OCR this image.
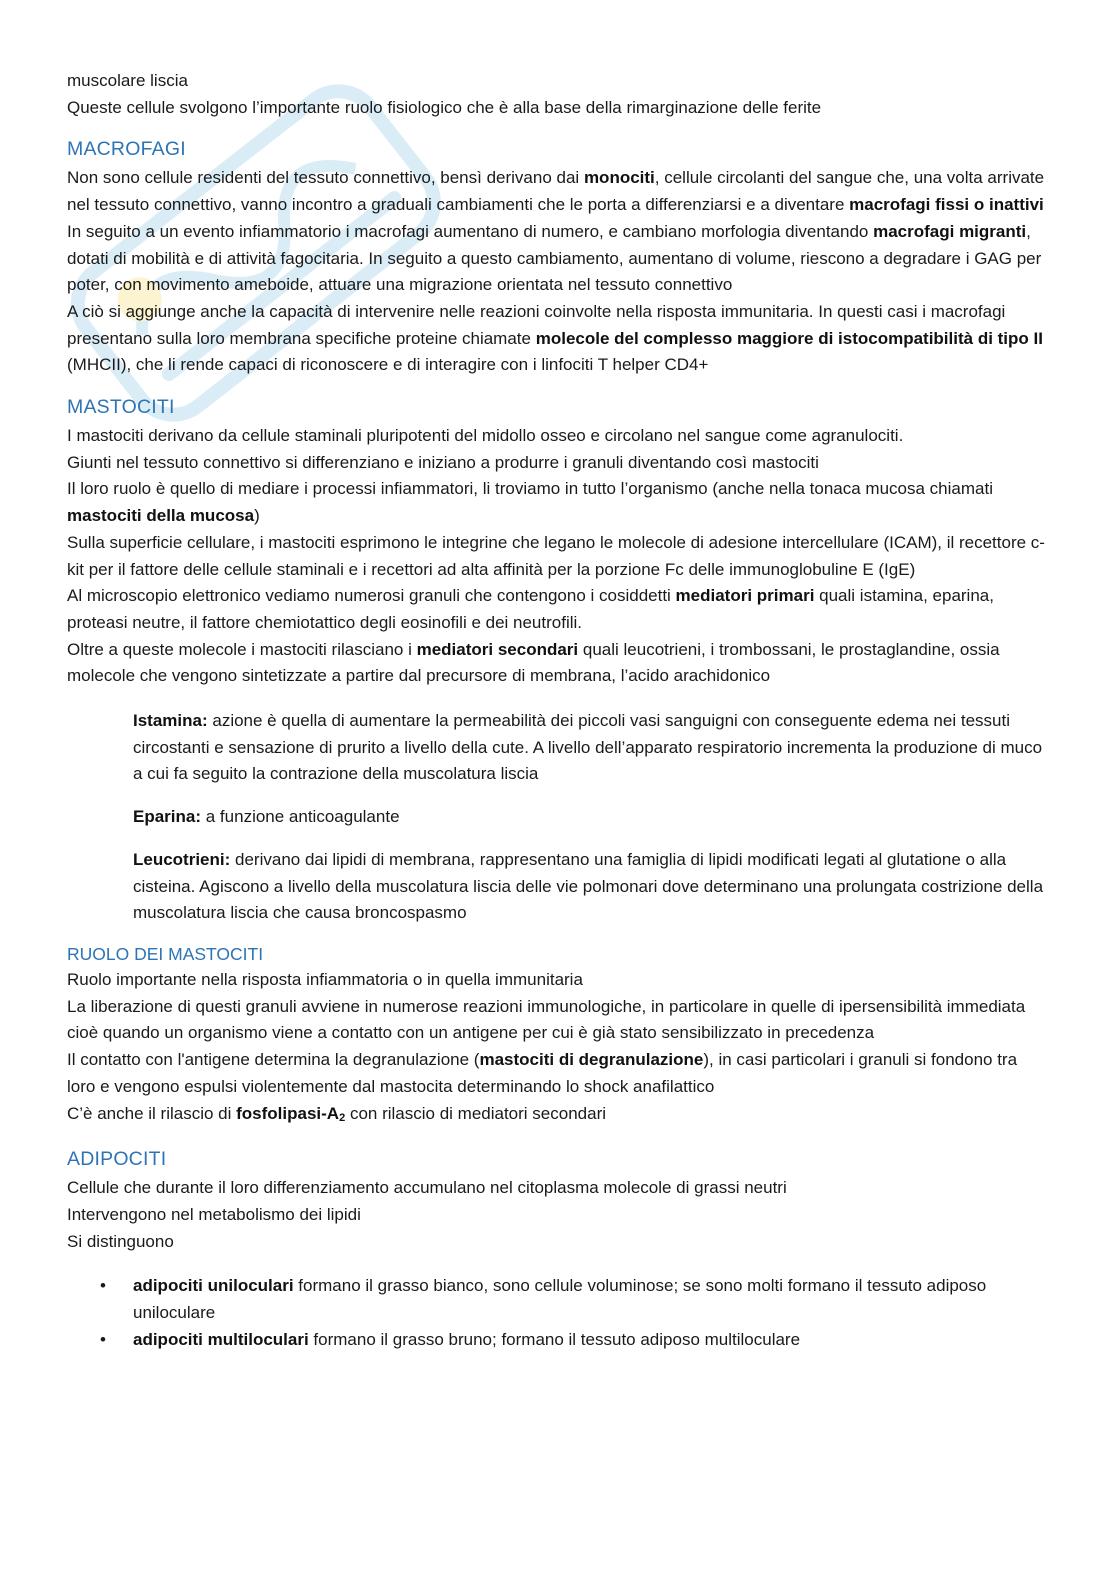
muscolare liscia

Queste cellule svolgono l’importante ruolo fisiologico che è alla base della rimarginazione delle ferite

MACROFAGI

Non sono cellule residenti del tessuto connettivo, bensì derivano dai monociti, cellule circolanti del sangue che, una volta arrivate nel tessuto connettivo, vanno incontro a graduali cambiamenti che le porta a differenziarsi e a diventare macrofagi fissi o inattivi

In seguito a un evento infiammatorio i macrofagi aumentano di numero, e cambiano morfologia diventando macrofagi migranti, dotati di mobilità e di attività fagocitaria. In seguito a questo cambiamento, aumentano di volume, riescono a degradare i GAG per poter, con movimento ameboide, attuare una migrazione orientata nel tessuto connettivo

A ciò si aggiunge anche la capacità di intervenire nelle reazioni coinvolte nella risposta immunitaria. In questi casi i macrofagi presentano sulla loro membrana specifiche proteine chiamate molecole del complesso maggiore di istocompatibilità di tipo II (MHCII), che li rende capaci di riconoscere e di interagire con i linfociti T helper CD4+

MASTOCITI

I mastociti derivano da cellule staminali pluripotenti del midollo osseo e circolano nel sangue come agranulociti.

Giunti nel tessuto connettivo si differenziano e iniziano a produrre i granuli diventando così mastociti

Il loro ruolo è quello di mediare i processi infiammatori, li troviamo in tutto l’organismo (anche nella tonaca mucosa chiamati mastociti della mucosa)

Sulla superficie cellulare, i mastociti esprimono le integrine che legano le molecole di adesione intercellulare (ICAM), il recettore c-kit per il fattore delle cellule staminali e i recettori ad alta affinità per la porzione Fc delle immunoglobuline E (IgE)

Al microscopio elettronico vediamo numerosi granuli che contengono i cosiddetti mediatori primari quali istamina, eparina, proteasi neutre, il fattore chemiotattico degli eosinofili e dei neutrofili.

Oltre a queste molecole i mastociti rilasciano i mediatori secondari quali leucotrieni, i trombossani, le prostaglandine, ossia molecole che vengono sintetizzate a partire dal precursore di membrana, l’acido arachidonico

Istamina: azione è quella di aumentare la permeabilità dei piccoli vasi sanguigni con conseguente edema nei tessuti circostanti e sensazione di prurito a livello della cute. A livello dell’apparato respiratorio incrementa la produzione di muco a cui fa seguito la contrazione della muscolatura liscia

Eparina: a funzione anticoagulante

Leucotrieni: derivano dai lipidi di membrana, rappresentano una famiglia di lipidi modificati legati al glutatione o alla cisteina. Agiscono a livello della muscolatura liscia delle vie polmonari dove determinano una prolungata costrizione della muscolatura liscia che causa broncospasmo

RUOLO DEI MASTOCITI

Ruolo importante nella risposta infiammatoria o in quella immunitaria

La liberazione di questi granuli avviene in numerose reazioni immunologiche, in particolare in quelle di ipersensibilità immediata cioè quando un organismo viene a contatto con un antigene per cui è già stato sensibilizzato in precedenza

Il contatto con l'antigene determina la degranulazione (mastociti di degranulazione), in casi particolari i granuli si fondono tra loro e vengono espulsi violentemente dal mastocita determinando lo shock anafilattico

C’è anche il rilascio di fosfolipasi-$A_2$ con rilascio di mediatori secondari

ADIPOCITI

Cellule che durante il loro differenziamento accumulano nel citoplasma molecole di grassi neutri

Intervengono nel metabolismo dei lipidi

Si distinguono

• adipociti uniloculari formano il grasso bianco, sono cellule voluminose; se sono molti formano il tessuto adiposo uniloculare
• adipociti multiloculari formano il grasso bruno; formano il tessuto adiposo multiloculare
